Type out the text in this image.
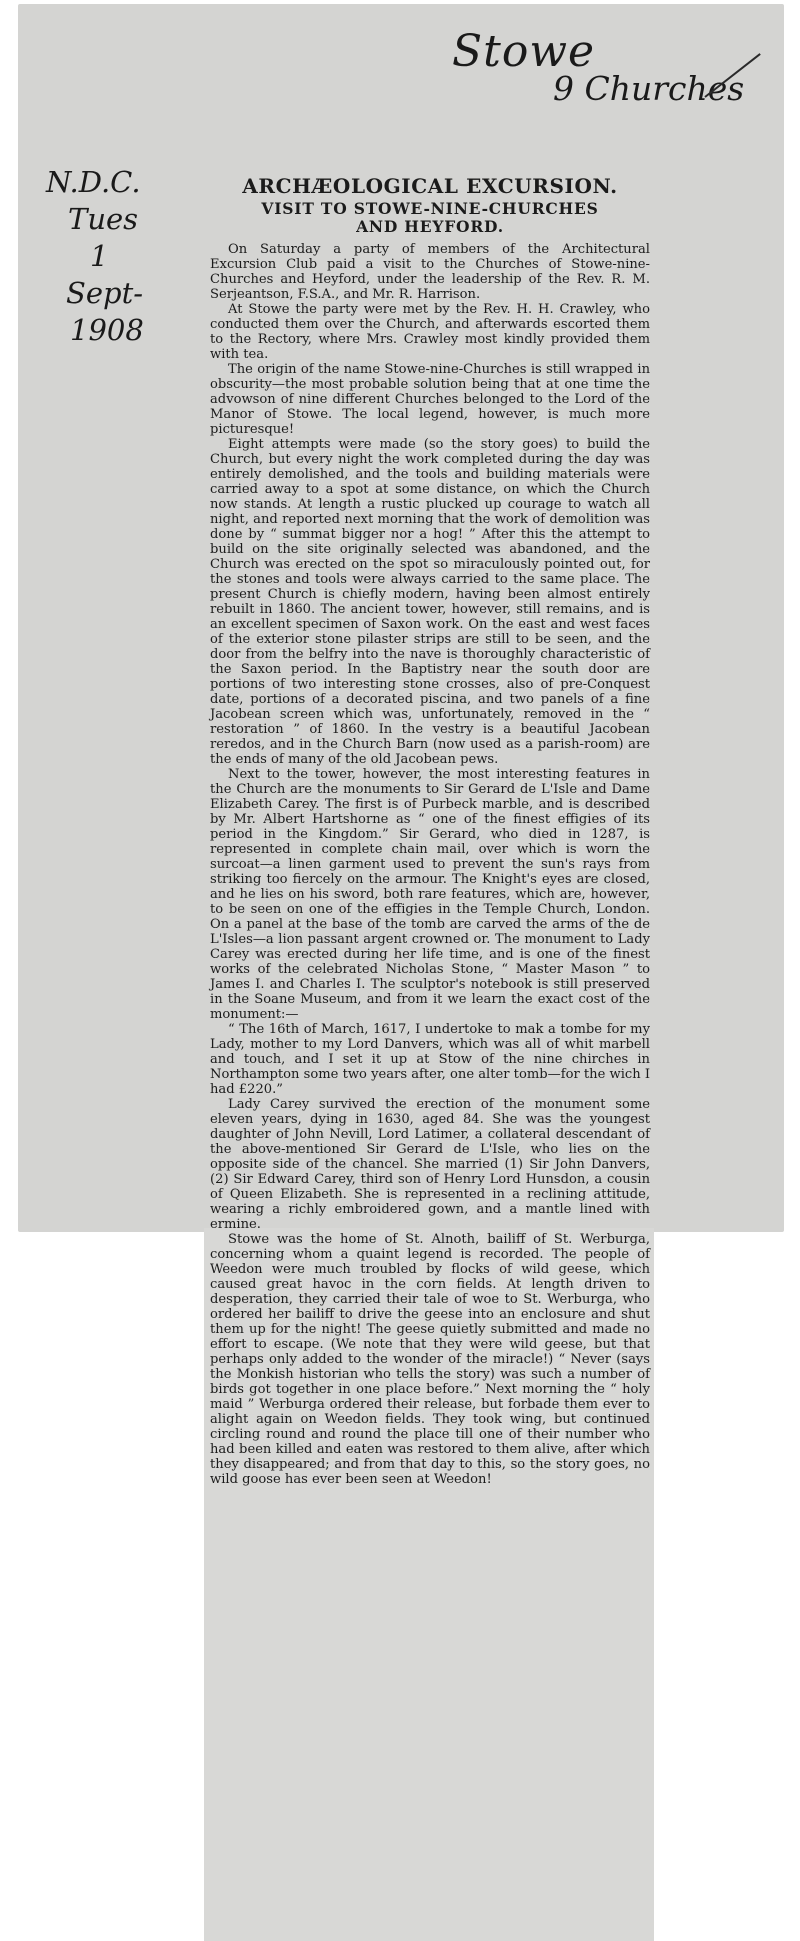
Stowe
9 Churches
N.D.C.
Tues
1
Sept-
1908
ARCHÆOLOGICAL EXCURSION.
VISIT TO STOWE-NINE-CHURCHES AND HEYFORD.

On Saturday a party of members of the Architectural Excursion Club paid a visit to the Churches of Stowe-nine-Churches and Heyford, under the leadership of the Rev. R. M. Serjeantson, F.S.A., and Mr. R. Harrison.

At Stowe the party were met by the Rev. H. H. Crawley, who conducted them over the Church, and afterwards escorted them to the Rectory, where Mrs. Crawley most kindly provided them with tea.

The origin of the name Stowe-nine-Churches is still wrapped in obscurity—the most probable solution being that at one time the advowson of nine different Churches belonged to the Lord of the Manor of Stowe. The local legend, however, is much more picturesque!

Eight attempts were made (so the story goes) to build the Church, but every night the work completed during the day was entirely demolished, and the tools and building materials were carried away to a spot at some distance, on which the Church now stands. At length a rustic plucked up courage to watch all night, and reported next morning that the work of demolition was done by “ summat bigger nor a hog! ” After this the attempt to build on the site originally selected was abandoned, and the Church was erected on the spot so miraculously pointed out, for the stones and tools were always carried to the same place. The present Church is chiefly modern, having been almost entirely rebuilt in 1860. The ancient tower, however, still remains, and is an excellent specimen of Saxon work. On the east and west faces of the exterior stone pilaster strips are still to be seen, and the door from the belfry into the nave is thoroughly characteristic of the Saxon period. In the Baptistry near the south door are portions of two interesting stone crosses, also of pre-Conquest date, portions of a decorated piscina, and two panels of a fine Jacobean screen which was, unfortunately, removed in the “ restoration ” of 1860. In the vestry is a beautiful Jacobean reredos, and in the Church Barn (now used as a parish-room) are the ends of many of the old Jacobean pews.

Next to the tower, however, the most interesting features in the Church are the monuments to Sir Gerard de L'Isle and Dame Elizabeth Carey. The first is of Purbeck marble, and is described by Mr. Albert Hartshorne as “ one of the finest effigies of its period in the Kingdom.” Sir Gerard, who died in 1287, is represented in complete chain mail, over which is worn the surcoat—a linen garment used to prevent the sun's rays from striking too fiercely on the armour. The Knight's eyes are closed, and he lies on his sword, both rare features, which are, however, to be seen on one of the effigies in the Temple Church, London. On a panel at the base of the tomb are carved the arms of the de L'Isles—a lion passant argent crowned or. The monument to Lady Carey was erected during her life time, and is one of the finest works of the celebrated Nicholas Stone, “ Master Mason ” to James I. and Charles I. The sculptor's notebook is still preserved in the Soane Museum, and from it we learn the exact cost of the monument:—

“ The 16th of March, 1617, I undertoke to mak a tombe for my Lady, mother to my Lord Danvers, which was all of whit marbell and touch, and I set it up at Stow of the nine chirches in Northampton some two years after, one alter tomb—for the wich I had £220.”

Lady Carey survived the erection of the monument some eleven years, dying in 1630, aged 84. She was the youngest daughter of John Nevill, Lord Latimer, a collateral descendant of the above-mentioned Sir Gerard de L'Isle, who lies on the opposite side of the chancel. She married (1) Sir John Danvers, (2) Sir Edward Carey, third son of Henry Lord Hunsdon, a cousin of Queen Elizabeth. She is represented in a reclining attitude, wearing a richly embroidered gown, and a mantle lined with ermine.

Stowe was the home of St. Alnoth, bailiff of St. Werburga, concerning whom a quaint legend is recorded. The people of Weedon were much troubled by flocks of wild geese, which caused great havoc in the corn fields. At length driven to desperation, they carried their tale of woe to St. Werburga, who ordered her bailiff to drive the geese into an enclosure and shut them up for the night! The geese quietly submitted and made no effort to escape. (We note that they were wild geese, but that perhaps only added to the wonder of the miracle!) “ Never (says the Monkish historian who tells the story) was such a number of birds got together in one place before.” Next morning the “ holy maid ” Werburga ordered their release, but forbade them ever to alight again on Weedon fields. They took wing, but continued circling round and round the place till one of their number who had been killed and eaten was restored to them alive, after which they disappeared; and from that day to this, so the story goes, no wild goose has ever been seen at Weedon!
